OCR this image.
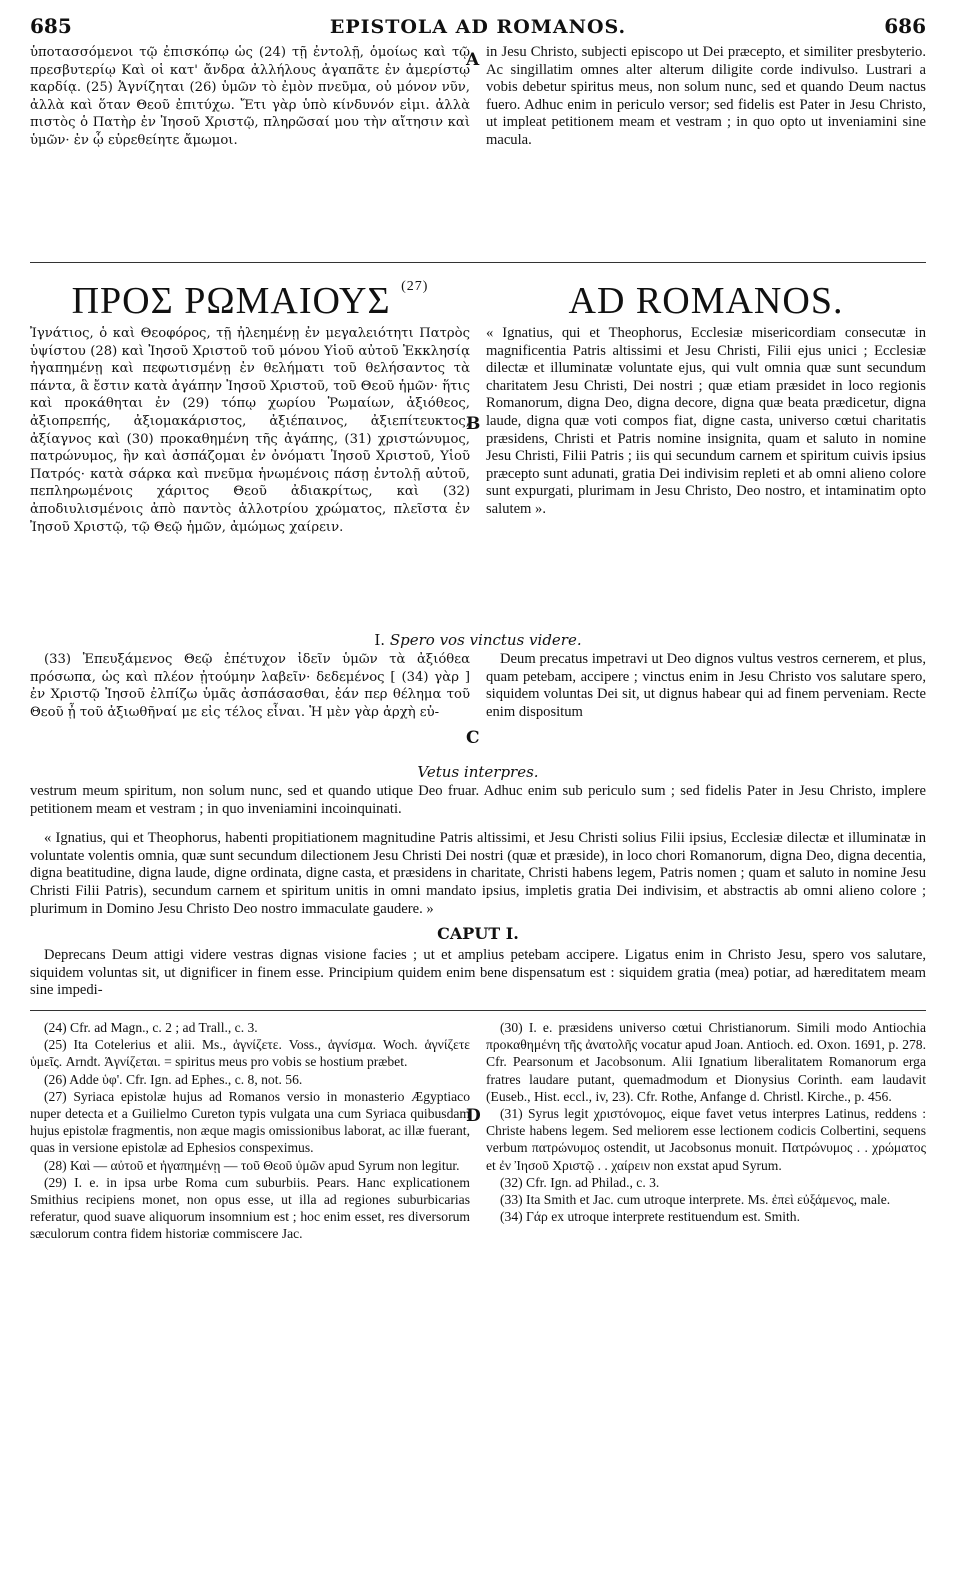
685	EPISTOLA AD ROMANOS.	686

ὑποτασσόμενοι τῷ ἐπισκόπῳ ὡς (24) τῇ ἐντολῇ, ὁμοίως καὶ τῷ πρεσβυτερίῳ Καὶ οἱ κατ' ἄνδρα ἀλλήλους ἀγαπᾶτε ἐν ἀμερίστῳ καρδίᾳ. (25) Ἁγνίζηται (26) ὑμῶν τὸ ἐμὸν πνεῦμα, οὐ μόνον νῦν, ἀλλὰ καὶ ὅταν Θεοῦ ἐπιτύχω. Ἔτι γὰρ ὑπὸ κίνδυνόν εἰμι. ἀλλὰ πιστὸς ὁ Πατὴρ ἐν Ἰησοῦ Χριστῷ, πληρῶσαί μου τὴν αἴτησιν καὶ ὑμῶν· ἐν ᾧ εὑρεθείητε ἄμωμοι.

in Jesu Christo, subjecti episcopo ut Dei præcepto, et similiter presbyterio. Ac singillatim omnes alter alterum diligite corde indivulso. Lustrari a vobis debetur spiritus meus, non solum nunc, sed et quando Deum nactus fuero. Adhuc enim in periculo versor; sed fidelis est Pater in Jesu Christo, ut impleat petitionem meam et vestram ; in quo opto ut inveniamini sine macula.

A
ΠΡΟΣ ΡΩΜΑΙΟΥΣ $^{(27)}$	AD ROMANOS.

Ἰγνάτιος, ὁ καὶ Θεοφόρος, τῇ ἠλεημένῃ ἐν μεγαλειότητι Πατρὸς ὑψίστου (28) καὶ Ἰησοῦ Χριστοῦ τοῦ μόνου Υἱοῦ αὐτοῦ Ἐκκλησίᾳ ἠγαπημένῃ καὶ πεφωτισμένῃ ἐν θελήματι τοῦ θελήσαντος τὰ πάντα, ἃ ἔστιν κατὰ ἀγάπην Ἰησοῦ Χριστοῦ, τοῦ Θεοῦ ἡμῶν· ἥτις καὶ προκάθηται ἐν (29) τόπῳ χωρίου Ῥωμαίων, ἀξιόθεος, ἀξιοπρεπής, ἀξιομακάριστος, ἀξιέπαινος, ἀξιεπίτευκτος, ἀξίαγνος καὶ (30) προκαθημένη τῆς ἀγάπης, (31) χριστώνυμος, πατρώνυμος, ἣν καὶ ἀσπάζομαι ἐν ὀνόματι Ἰησοῦ Χριστοῦ, Υἱοῦ Πατρός· κατὰ σάρκα καὶ πνεῦμα ἡνωμένοις πάσῃ ἐντολῇ αὐτοῦ, πεπληρωμένοις χάριτος Θεοῦ ἀδιακρίτως, καὶ (32) ἀποδιυλισμένοις ἀπὸ παντὸς ἀλλοτρίου χρώματος, πλεῖστα ἐν Ἰησοῦ Χριστῷ, τῷ Θεῷ ἡμῶν, ἀμώμως χαίρειν.

« Ignatius, qui et Theophorus, Ecclesiæ misericordiam consecutæ in magnificentia Patris altissimi et Jesu Christi, Filii ejus unici ; Ecclesiæ dilectæ et illuminatæ voluntate ejus, qui vult omnia quæ sunt secundum charitatem Jesu Christi, Dei nostri ; quæ etiam præsidet in loco regionis Romanorum, digna Deo, digna decore, digna quæ beata prædicetur, digna laude, digna quæ voti compos fiat, digne casta, universo cœtui charitatis præsidens, Christi et Patris nomine insignita, quam et saluto in nomine Jesu Christi, Filii Patris ; iis qui secundum carnem et spiritum cuivis ipsius præcepto sunt adunati, gratia Dei indivisim repleti et ab omni alieno colore sunt expurgati, plurimam in Jesu Christo, Deo nostro, et intaminatim opto salutem ».

B
I. Spero vos vinctus videre.

(33) Ἐπευξάμενος Θεῷ ἐπέτυχον ἰδεῖν ὑμῶν τὰ ἀξιόθεα πρόσωπα, ὡς καὶ πλέον ᾐτούμην λαβεῖν· δεδεμένος [ (34) γὰρ ] ἐν Χριστῷ Ἰησοῦ ἐλπίζω ὑμᾶς ἀσπάσασθαι, ἐάν περ θέλημα τοῦ Θεοῦ ᾖ τοῦ ἀξιωθῆναί με εἰς τέλος εἶναι. Ἡ μὲν γὰρ ἀρχὴ εὐ-

Deum precatus impetravi ut Deo dignos vultus vestros cernerem, et plus, quam petebam, accipere ; vinctus enim in Jesu Christo vos salutare spero, siquidem voluntas Dei sit, ut dignus habear qui ad finem perveniam. Recte enim dispositum

C
Vetus interpres.

vestrum meum spiritum, non solum nunc, sed et quando utique Deo fruar. Adhuc enim sub periculo sum ; sed fidelis Pater in Jesu Christo, implere petitionem meam et vestram ; in quo inveniamini incoinquinati.

« Ignatius, qui et Theophorus, habenti propitiationem magnitudine Patris altissimi, et Jesu Christi solius Filii ipsius, Ecclesiæ dilectæ et illuminatæ in voluntate volentis omnia, quæ sunt secundum dilectionem Jesu Christi Dei nostri (quæ et præside), in loco chori Romanorum, digna Deo, digna decentia, digna beatitudine, digna laude, digne ordinata, digne casta, et præsidens in charitate, Christi habens legem, Patris nomen ; quam et saluto in nomine Jesu Christi Filii Patris), secundum carnem et spiritum unitis in omni mandato ipsius, impletis gratia Dei indivisim, et abstractis ab omni alieno colore ; plurimum in Domino Jesu Christo Deo nostro immaculate gaudere. »

CAPUT I.

Deprecans Deum attigi videre vestras dignas visione facies ; ut et amplius petebam accipere. Ligatus enim in Christo Jesu, spero vos salutare, siquidem voluntas sit, ut dignificer in finem esse. Principium quidem enim bene dispensatum est : siquidem gratia (mea) potiar, ad hæreditatem meam sine impedi-

(24) Cfr. ad Magn., c. 2 ; ad Trall., c. 3.

(25) Ita Cotelerius et alii. Ms., ἁγνίζετε. Voss., ἁγνίσμα. Woch. ἁγνίζετε ὑμεῖς. Arndt. Ἁγνίζεται. = spiritus meus pro vobis se hostium præbet.

(26) Adde ὑφ'. Cfr. Ign. ad Ephes., c. 8, not. 56.

(27) Syriaca epistolæ hujus ad Romanos versio in monasterio Ægyptiaco nuper detecta et a Guilielmo Cureton typis vulgata una cum Syriaca quibusdam hujus epistolæ fragmentis, non æque magis omissionibus laborat, ac illæ fuerant, quas in versione epistolæ ad Ephesios conspeximus.

(28) Καὶ — αὐτοῦ et ἠγαπημένῃ — τοῦ Θεοῦ ὑμῶν apud Syrum non legitur.

(29) I. e. in ipsa urbe Roma cum suburbiis. Pears. Hanc explicationem Smithius recipiens monet, non opus esse, ut illa ad regiones suburbicarias referatur, quod suave aliquorum insomnium est ; hoc enim esset, res diversorum sæculorum contra fidem historiæ commiscere Jac.

(30) I. e. præsidens universo cœtui Christianorum. Simili modo Antiochia προκαθημένη τῆς ἀνατολῆς vocatur apud Joan. Antioch. ed. Oxon. 1691, p. 278. Cfr. Pearsonum et Jacobsonum. Alii Ignatium liberalitatem Romanorum erga fratres laudare putant, quemadmodum et Dionysius Corinth. eam laudavit (Euseb., Hist. eccl., iv, 23). Cfr. Rothe, Anfange d. Christl. Kirche., p. 456.

(31) Syrus legit χριστόνομος, eique favet vetus interpres Latinus, reddens : Christe habens legem. Sed meliorem esse lectionem codicis Colbertini, sequens verbum πατρώνυμος ostendit, ut Jacobsonus monuit. Πατρώνυμος . . χρώματος et ἐν Ἰησοῦ Χριστῷ . . χαίρειν non exstat apud Syrum.

(32) Cfr. Ign. ad Philad., c. 3.

(33) Ita Smith et Jac. cum utroque interprete. Ms. ἐπεὶ εὐξάμενος, male.

(34) Γάρ ex utroque interprete restituendum est. Smith.

D
